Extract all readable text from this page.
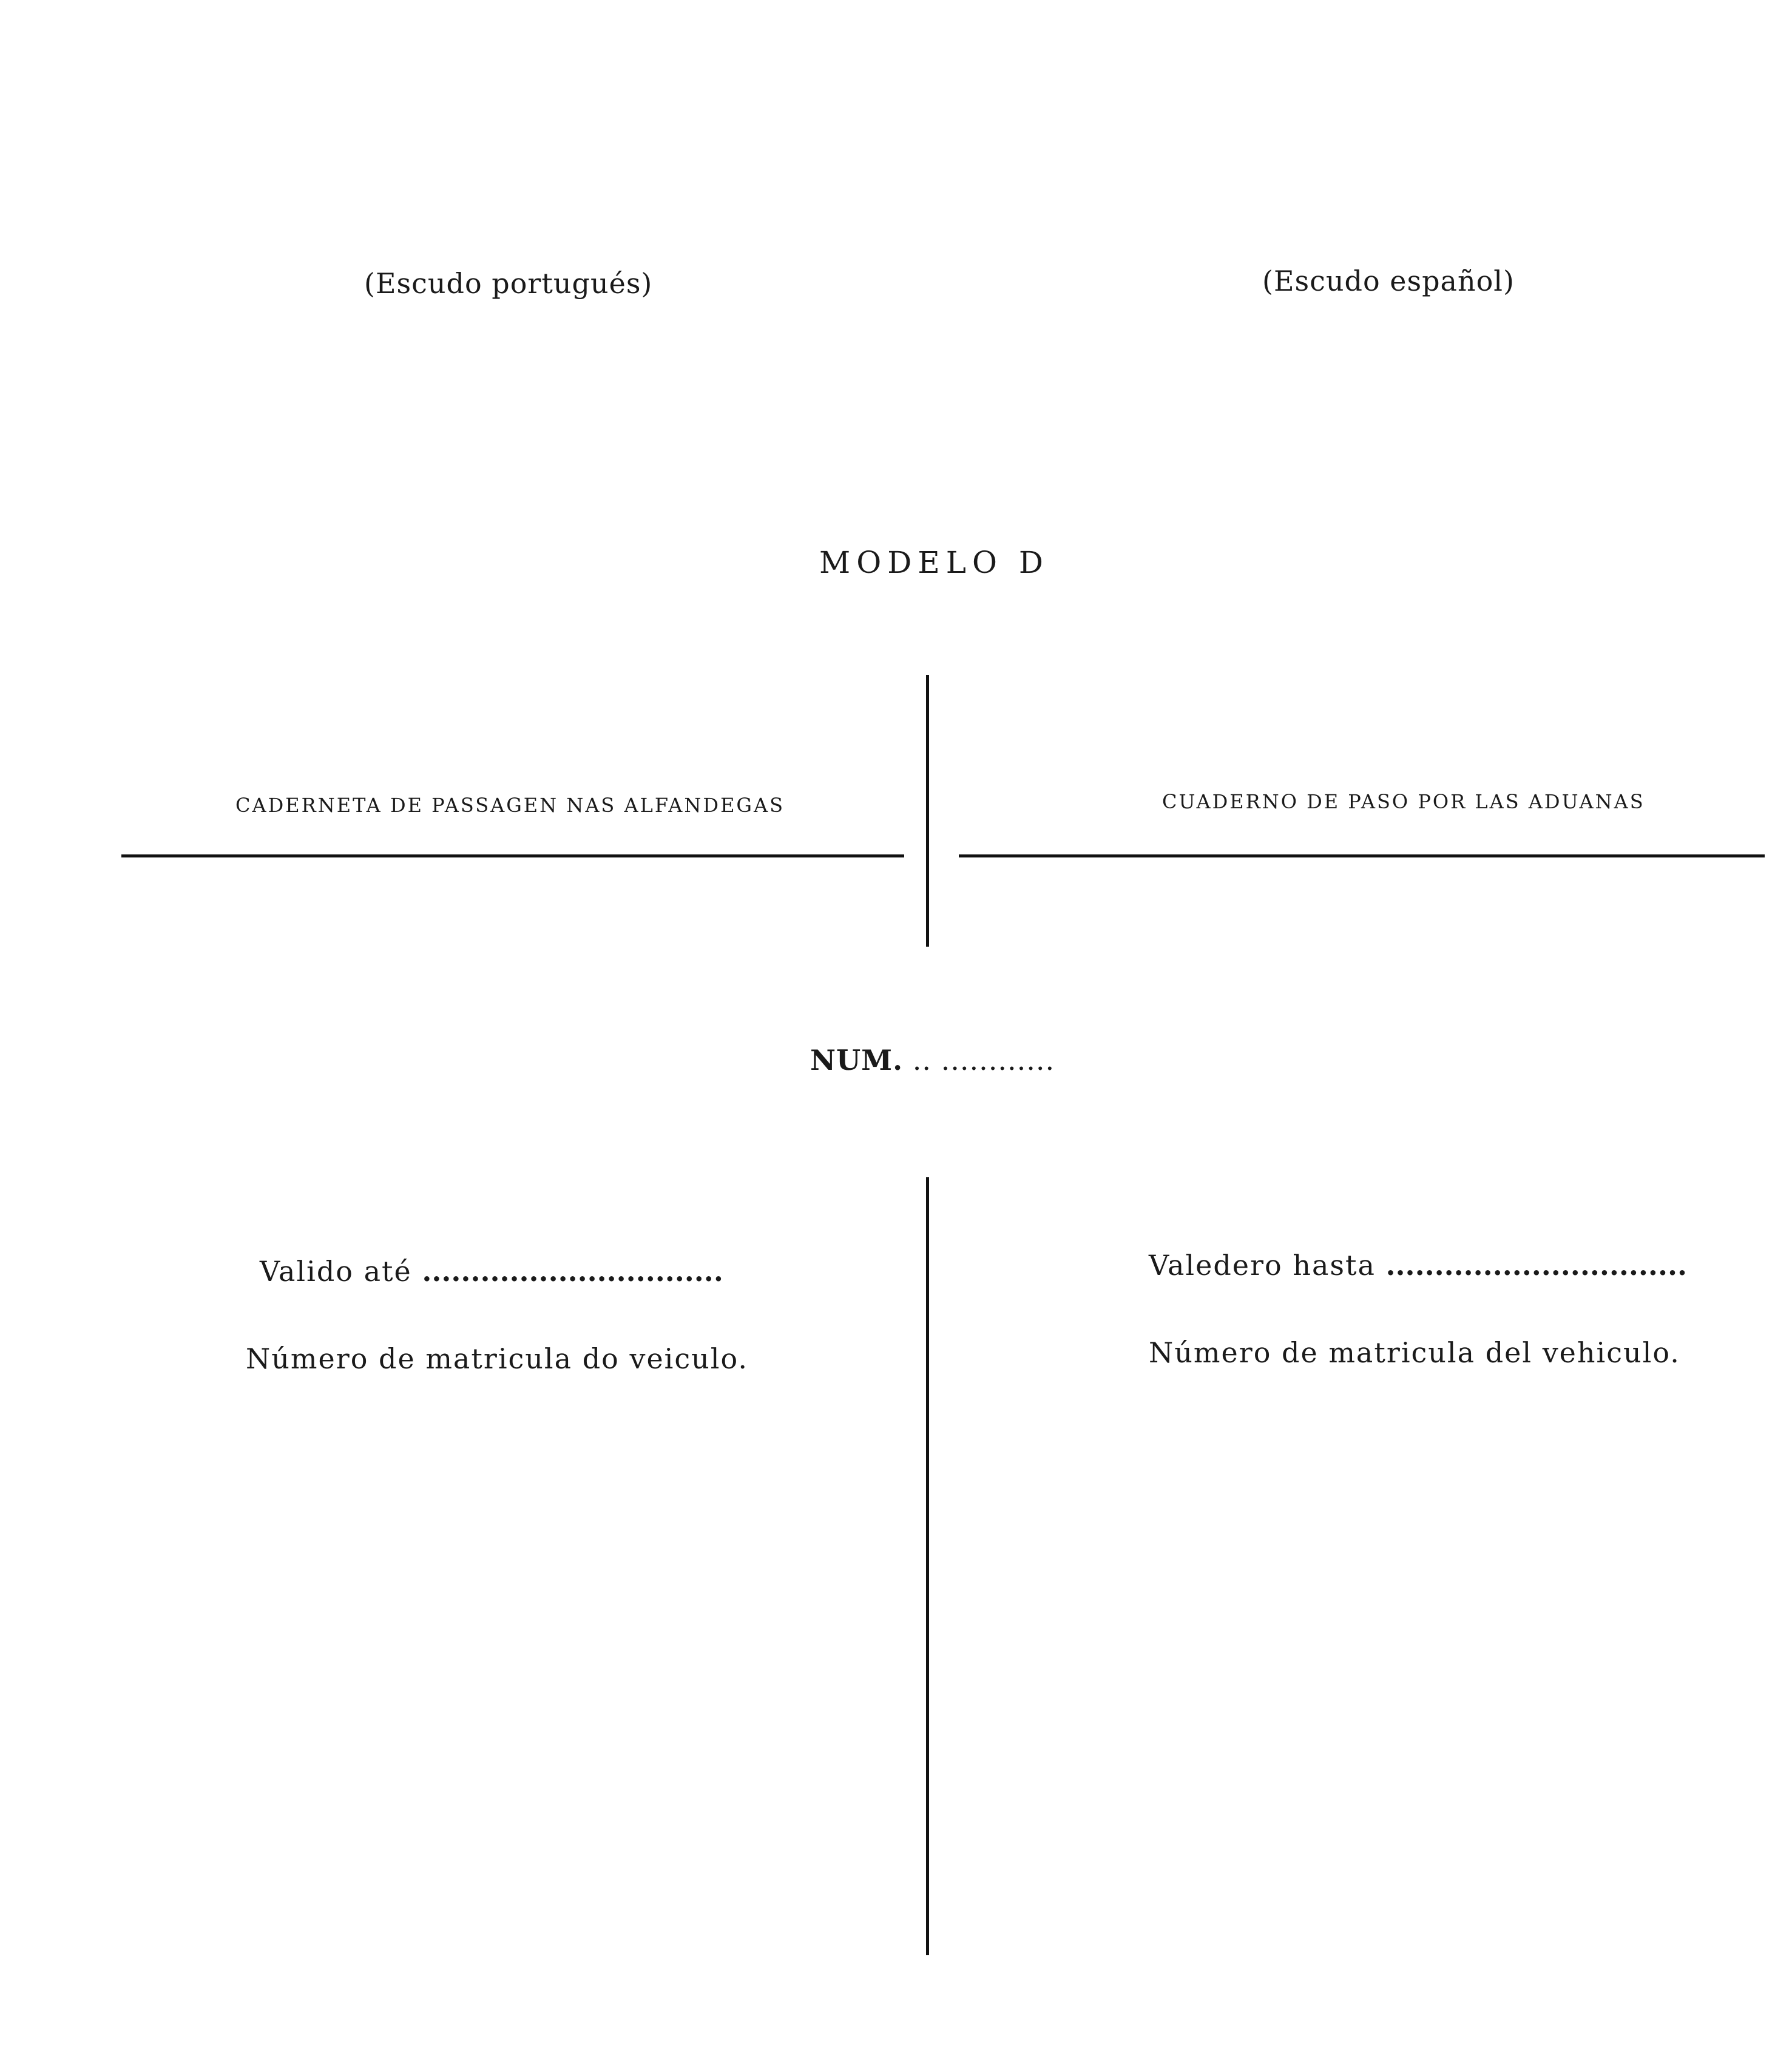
(Escudo portugués)	(Escudo español)
MODELO D
CADERNETA DE PASSAGEN NAS ALFANDEGAS	CUADERNO DE PASO POR LAS ADUANAS
NUM. .. ............
Valido até ...............................
Número de matricula do veiculo.
Valedero hasta ...............................
Número de matricula del vehiculo.
